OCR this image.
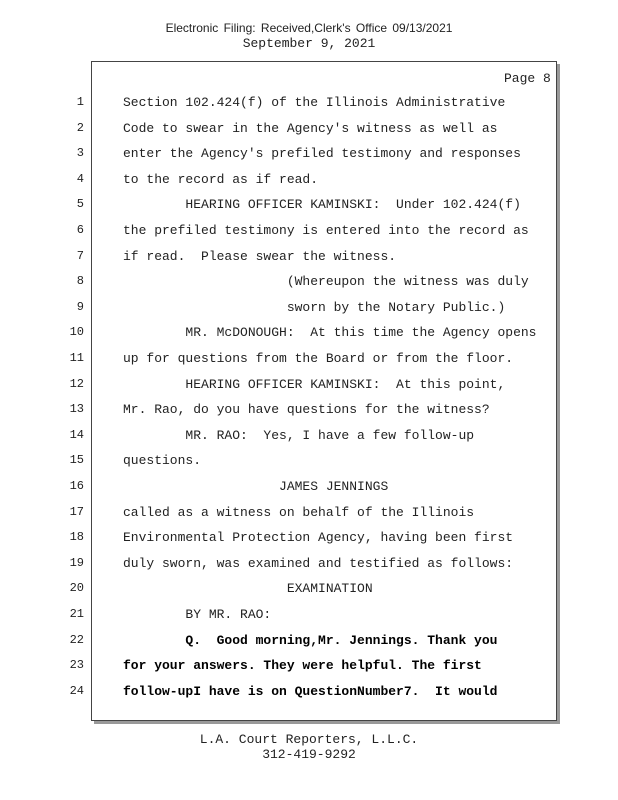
Electronic Filing: Received,Clerk's Office 09/13/2021
September 9, 2021
Page 8
1	Section 102.424(f) of the Illinois Administrative
2	Code to swear in the Agency's witness as well as
3	enter the Agency's prefiled testimony and responses
4	to the record as if read.
5	HEARING OFFICER KAMINSKI:  Under 102.424(f)
6	the prefiled testimony is entered into the record as
7	if read.  Please swear the witness.
8	(Whereupon the witness was duly
9	sworn by the Notary Public.)
10	MR. McDONOUGH:  At this time the Agency opens
11	up for questions from the Board or from the floor.
12	HEARING OFFICER KAMINSKI:  At this point,
13	Mr. Rao, do you have questions for the witness?
14	MR. RAO:  Yes, I have a few follow-up
15	questions.
16	JAMES JENNINGS
17	called as a witness on behalf of the Illinois
18	Environmental Protection Agency, having been first
19	duly sworn, was examined and testified as follows:
20	EXAMINATION
21	BY MR. RAO:
22	Q.  Good morning,Mr. Jennings. Thank you
23	for your answers. They were helpful. The first
24	follow-upI have is on QuestionNumber7.  It would
L.A. Court Reporters, L.L.C.
312-419-9292
